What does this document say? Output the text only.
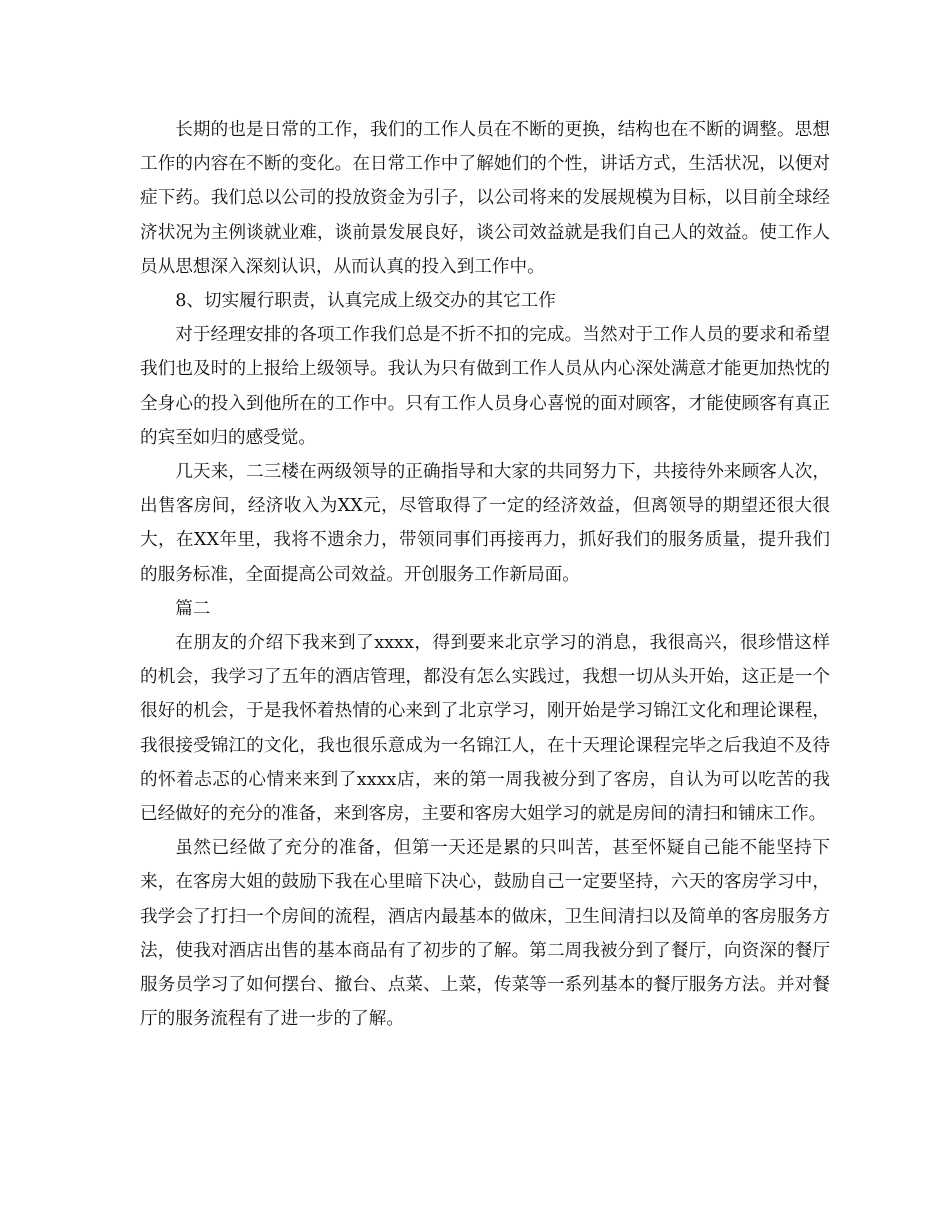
长期的也是日常的工作，我们的工作人员在不断的更换，结构也在不断的调整。思想工作的内容在不断的变化。在日常工作中了解她们的个性，讲话方式，生活状况，以便对症下药。我们总以公司的投放资金为引子，以公司将来的发展规模为目标，以目前全球经济状况为主例谈就业难，谈前景发展良好，谈公司效益就是我们自己人的效益。使工作人员从思想深入深刻认识，从而认真的投入到工作中。

8、切实履行职责，认真完成上级交办的其它工作

对于经理安排的各项工作我们总是不折不扣的完成。当然对于工作人员的要求和希望我们也及时的上报给上级领导。我认为只有做到工作人员从内心深处满意才能更加热忱的全身心的投入到他所在的工作中。只有工作人员身心喜悦的面对顾客，才能使顾客有真正的宾至如归的感受觉。

几天来，二三楼在两级领导的正确指导和大家的共同努力下，共接待外来顾客人次，出售客房间，经济收入为XX元，尽管取得了一定的经济效益，但离领导的期望还很大很大，在XX年里，我将不遗余力，带领同事们再接再力，抓好我们的服务质量，提升我们的服务标准，全面提高公司效益。开创服务工作新局面。

篇二

在朋友的介绍下我来到了xxxx，得到要来北京学习的消息，我很高兴，很珍惜这样的机会，我学习了五年的酒店管理，都没有怎么实践过，我想一切从头开始，这正是一个很好的机会，于是我怀着热情的心来到了北京学习，刚开始是学习锦江文化和理论课程，我很接受锦江的文化，我也很乐意成为一名锦江人，在十天理论课程完毕之后我迫不及待的怀着忐忑的心情来来到了xxxx店，来的第一周我被分到了客房，自认为可以吃苦的我已经做好的充分的准备，来到客房，主要和客房大姐学习的就是房间的清扫和铺床工作。

虽然已经做了充分的准备，但第一天还是累的只叫苦，甚至怀疑自己能不能坚持下来，在客房大姐的鼓励下我在心里暗下决心，鼓励自己一定要坚持，六天的客房学习中，我学会了打扫一个房间的流程，酒店内最基本的做床，卫生间清扫以及简单的客房服务方法，使我对酒店出售的基本商品有了初步的了解。第二周我被分到了餐厅，向资深的餐厅服务员学习了如何摆台、撤台、点菜、上菜，传菜等一系列基本的餐厅服务方法。并对餐厅的服务流程有了进一步的了解。
